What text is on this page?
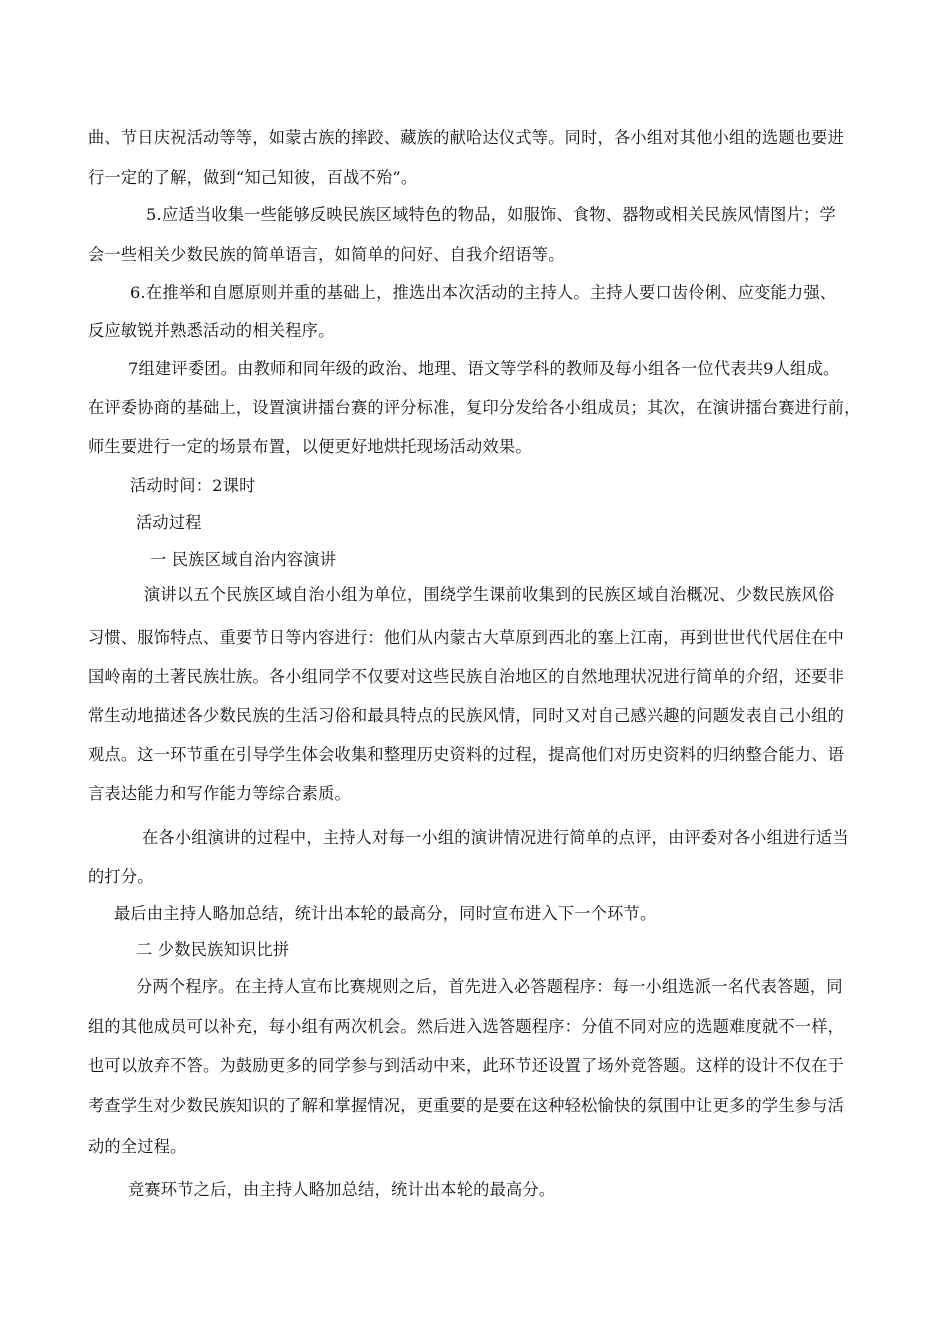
曲、节日庆祝活动等等，如蒙古族的摔跤、藏族的献哈达仪式等。同时，各小组对其他小组的选题也要进
行一定的了解，做到“知己知彼，百战不殆”。
5.应适当收集一些能够反映民族区域特色的物品，如服饰、食物、器物或相关民族风情图片；学
会一些相关少数民族的简单语言，如简单的问好、自我介绍语等。
6.在推举和自愿原则并重的基础上，推选出本次活动的主持人。主持人要口齿伶俐、应变能力强、
反应敏锐并熟悉活动的相关程序。
7组建评委团。由教师和同年级的政治、地理、语文等学科的教师及每小组各一位代表共9人组成。
在评委协商的基础上，设置演讲擂台赛的评分标准，复印分发给各小组成员；其次，在演讲擂台赛进行前，
师生要进行一定的场景布置，以便更好地烘托现场活动效果。
活动时间：2课时
活动过程
一 民族区域自治内容演讲
演讲以五个民族区域自治小组为单位，围绕学生课前收集到的民族区域自治概况、少数民族风俗
习惯、服饰特点、重要节日等内容进行：他们从内蒙古大草原到西北的塞上江南，再到世世代代居住在中
国岭南的土著民族壮族。各小组同学不仅要对这些民族自治地区的自然地理状况进行简单的介绍，还要非
常生动地描述各少数民族的生活习俗和最具特点的民族风情，同时又对自己感兴趣的问题发表自己小组的
观点。这一环节重在引导学生体会收集和整理历史资料的过程，提高他们对历史资料的归纳整合能力、语
言表达能力和写作能力等综合素质。
在各小组演讲的过程中，主持人对每一小组的演讲情况进行简单的点评，由评委对各小组进行适当
的打分。
最后由主持人略加总结，统计出本轮的最高分，同时宣布进入下一个环节。
二 少数民族知识比拼
分两个程序。在主持人宣布比赛规则之后，首先进入必答题程序：每一小组选派一名代表答题，同
组的其他成员可以补充，每小组有两次机会。然后进入选答题程序：分值不同对应的选题难度就不一样，
也可以放弃不答。为鼓励更多的同学参与到活动中来，此环节还设置了场外竞答题。这样的设计不仅在于
考查学生对少数民族知识的了解和掌握情况，更重要的是要在这种轻松愉快的氛围中让更多的学生参与活
动的全过程。
竞赛环节之后，由主持人略加总结，统计出本轮的最高分。
